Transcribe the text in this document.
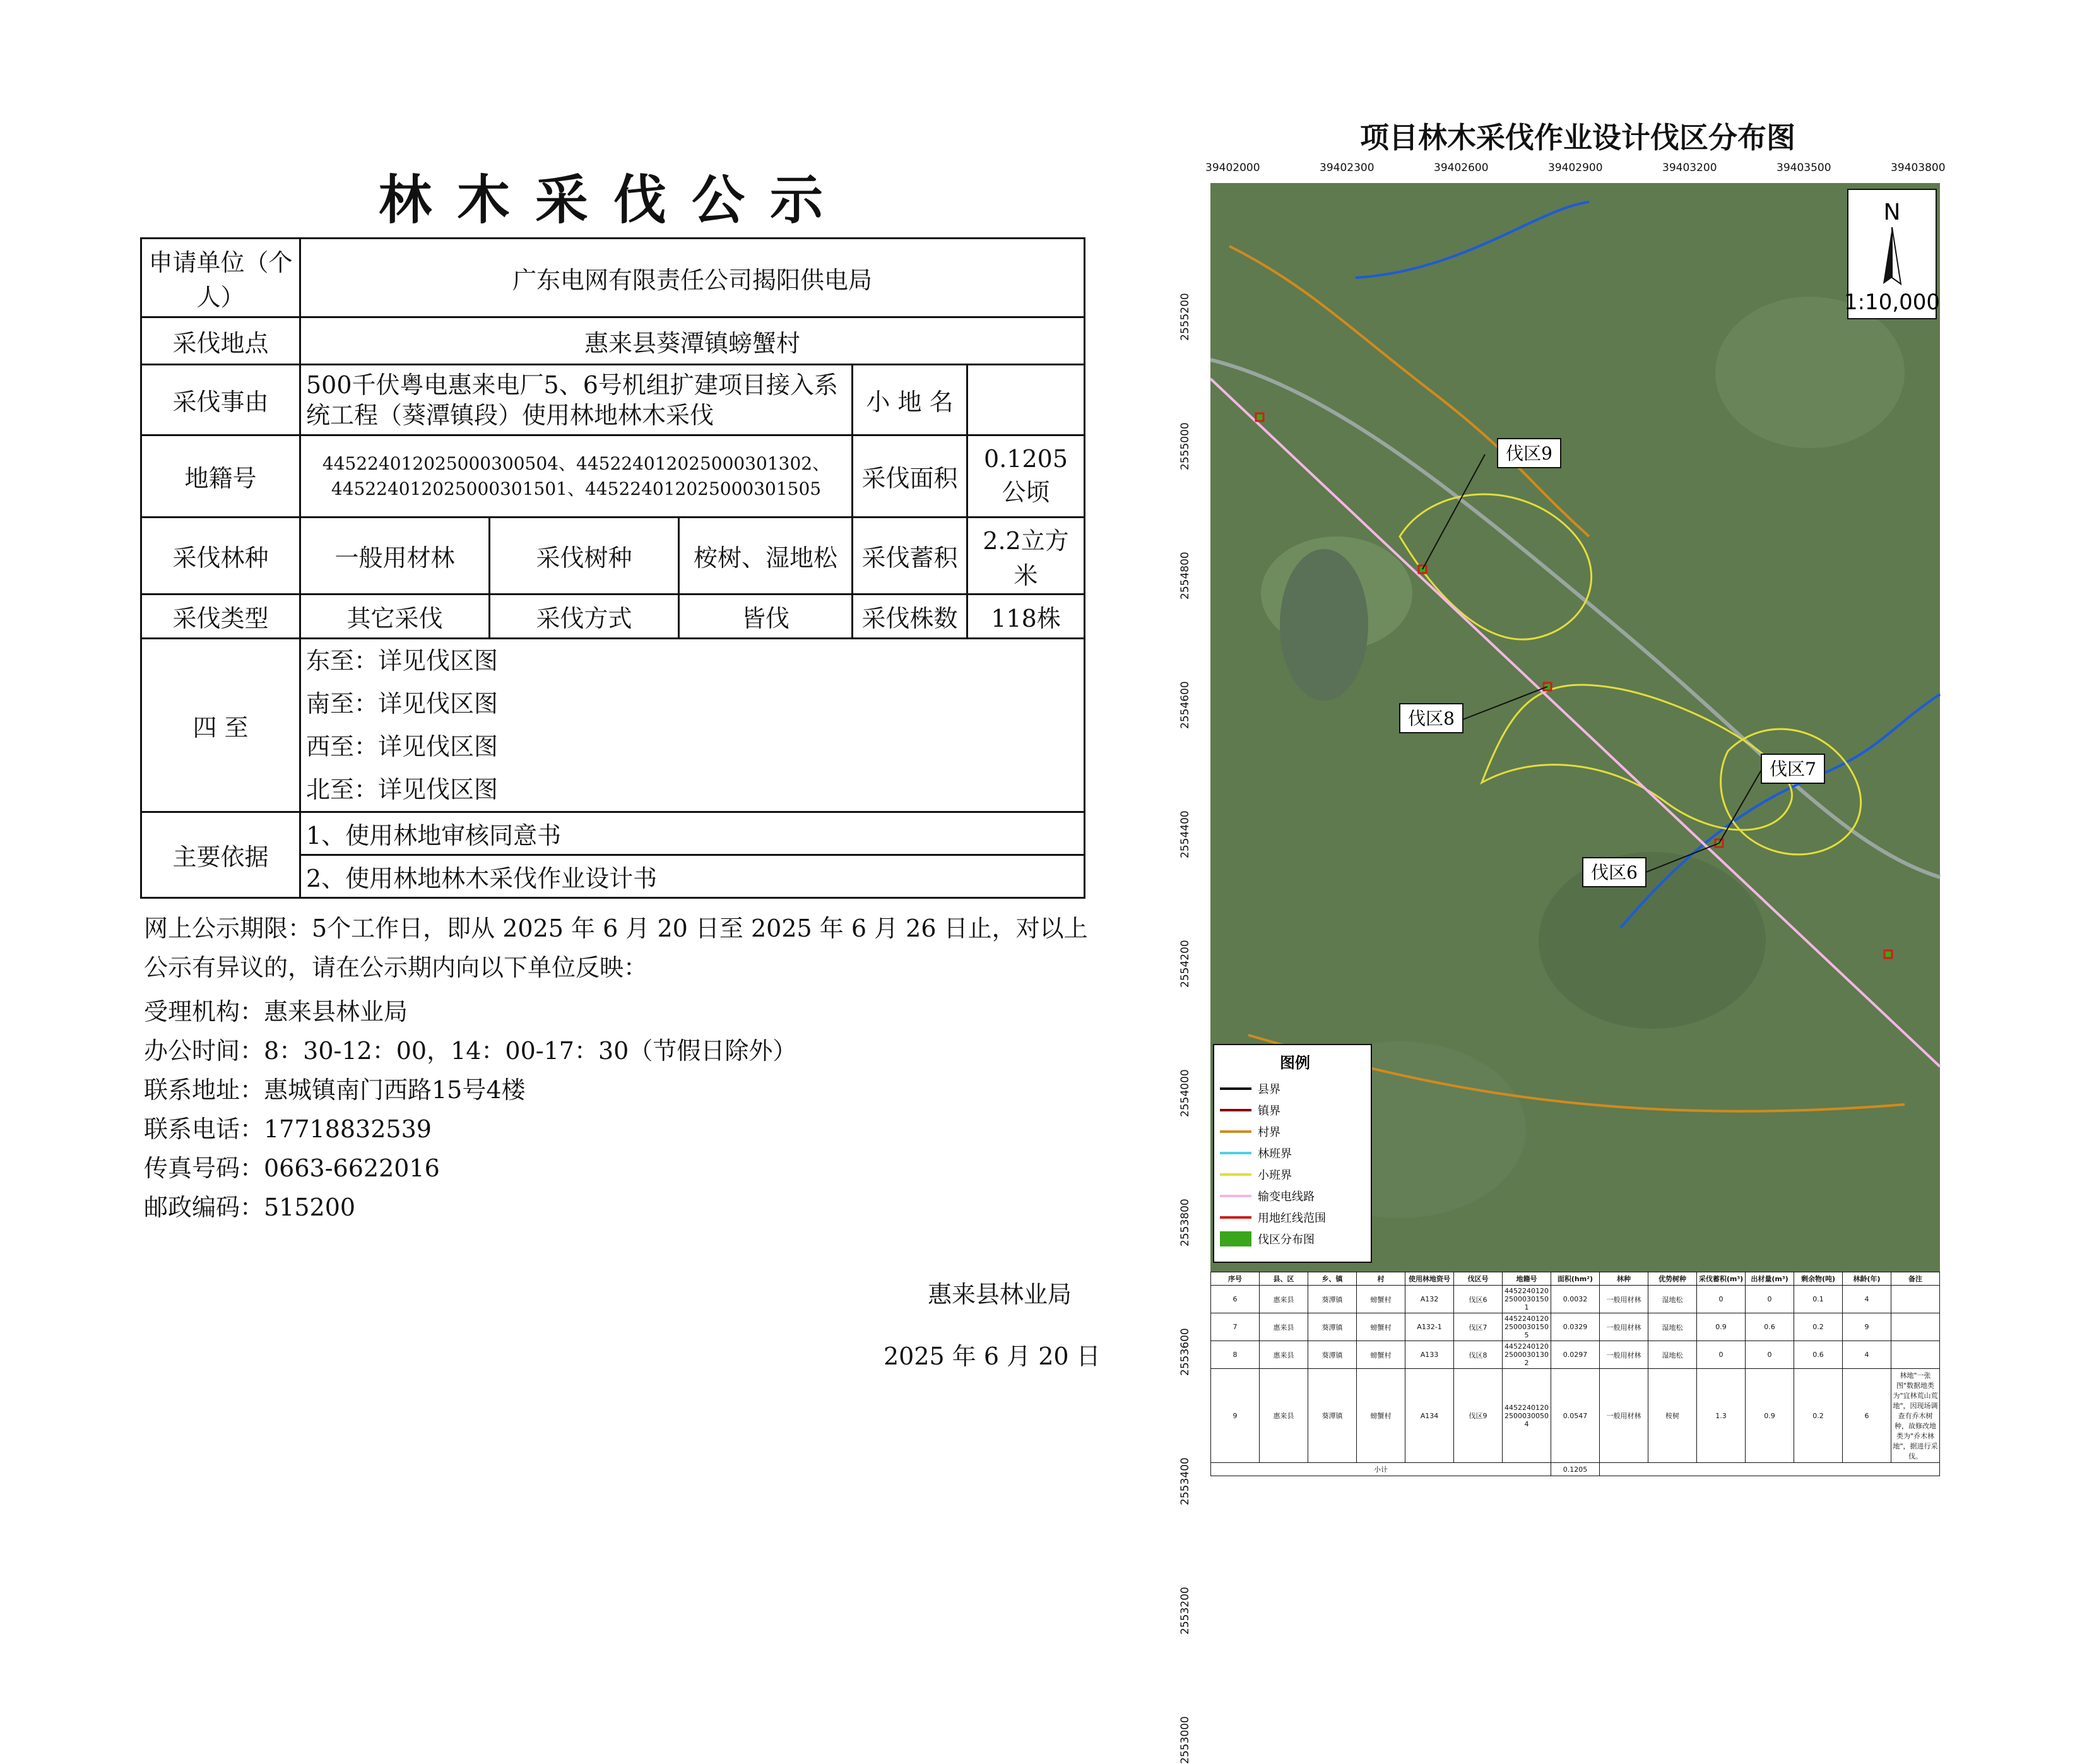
林木采伐公示
申请单位（个人）	广东电网有限责任公司揭阳供电局				
采伐地点	惠来县葵潭镇螃蟹村				
采伐事由	500千伏粤电惠来电厂5、6号机组扩建项目接入系统工程（葵潭镇段）使用林地林木采伐			小 地 名	
地籍号	445224012025000300504、445224012025000301302、
445224012025000301501、445224012025000301505			采伐面积	0.1205公顷
采伐林种	一般用材林	采伐树种	桉树、湿地松	采伐蓄积	2.2立方米
采伐类型	其它采伐	采伐方式	皆伐	采伐株数	118株
四 至	东至：详见伐区图
南至：详见伐区图
西至：详见伐区图
北至：详见伐区图				

主要依据	1、使用林地审核同意书				
	2、使用林地林木采伐作业设计书				

网上公示期限：5个工作日，即从 2025 年 6 月 20 日至 2025 年 6 月 26 日止，对以上公示有异议的，请在公示期内向以下单位反映：

受理机构：惠来县林业局

办公时间：8：30-12：00，14：00-17：30（节假日除外）

联系地址：惠城镇南门西路15号4楼

联系电话：17718832539

传真号码：0663-6622016

邮政编码：515200

惠来县林业局
2025 年 6 月 20 日
项目林木采伐作业设计伐区分布图
39402000	39402300	39402600	39402900	39403200	39403500	39403800
2555200
2555000
2554800
2554600
2554400
2554200
2554000
2553800
2553600
2553400
2553200
2553000
N
1:10,000
伐区9
伐区8
伐区7
伐区6
图例
县界
镇界
村界
林班界
小班界
输变电线路
用地红线范围
伐区分布图
序号	县、区	乡、镇	村	使用林地资号	伐区号	地籍号	面积(hm²)	林种	优势树种	采伐蓄积(m³)	出材量(m³)	剩余物(吨)	林龄(年)	备注
6	惠来县	葵潭镇	螃蟹村	A132	伐区6	445224012025000301501	0.0032	一般用材林	湿地松	0	0	0.1	4	
7	惠来县	葵潭镇	螃蟹村	A132-1	伐区7	445224012025000301505	0.0329	一般用材林	湿地松	0.9	0.6	0.2	9	
8	惠来县	葵潭镇	螃蟹村	A133	伐区8	445224012025000301302	0.0297	一般用材林	湿地松	0	0	0.6	4	
9	惠来县	葵潭镇	螃蟹村	A134	伐区9	445224012025000300504	0.0547	一般用材林	桉树	1.3	0.9	0.2	6	林地"一张图"数据地类为"宜林荒山荒地"，因现场调查有乔木树种，故修改地类为"乔木林地"，据进行采伐。
小计	0.1205	
